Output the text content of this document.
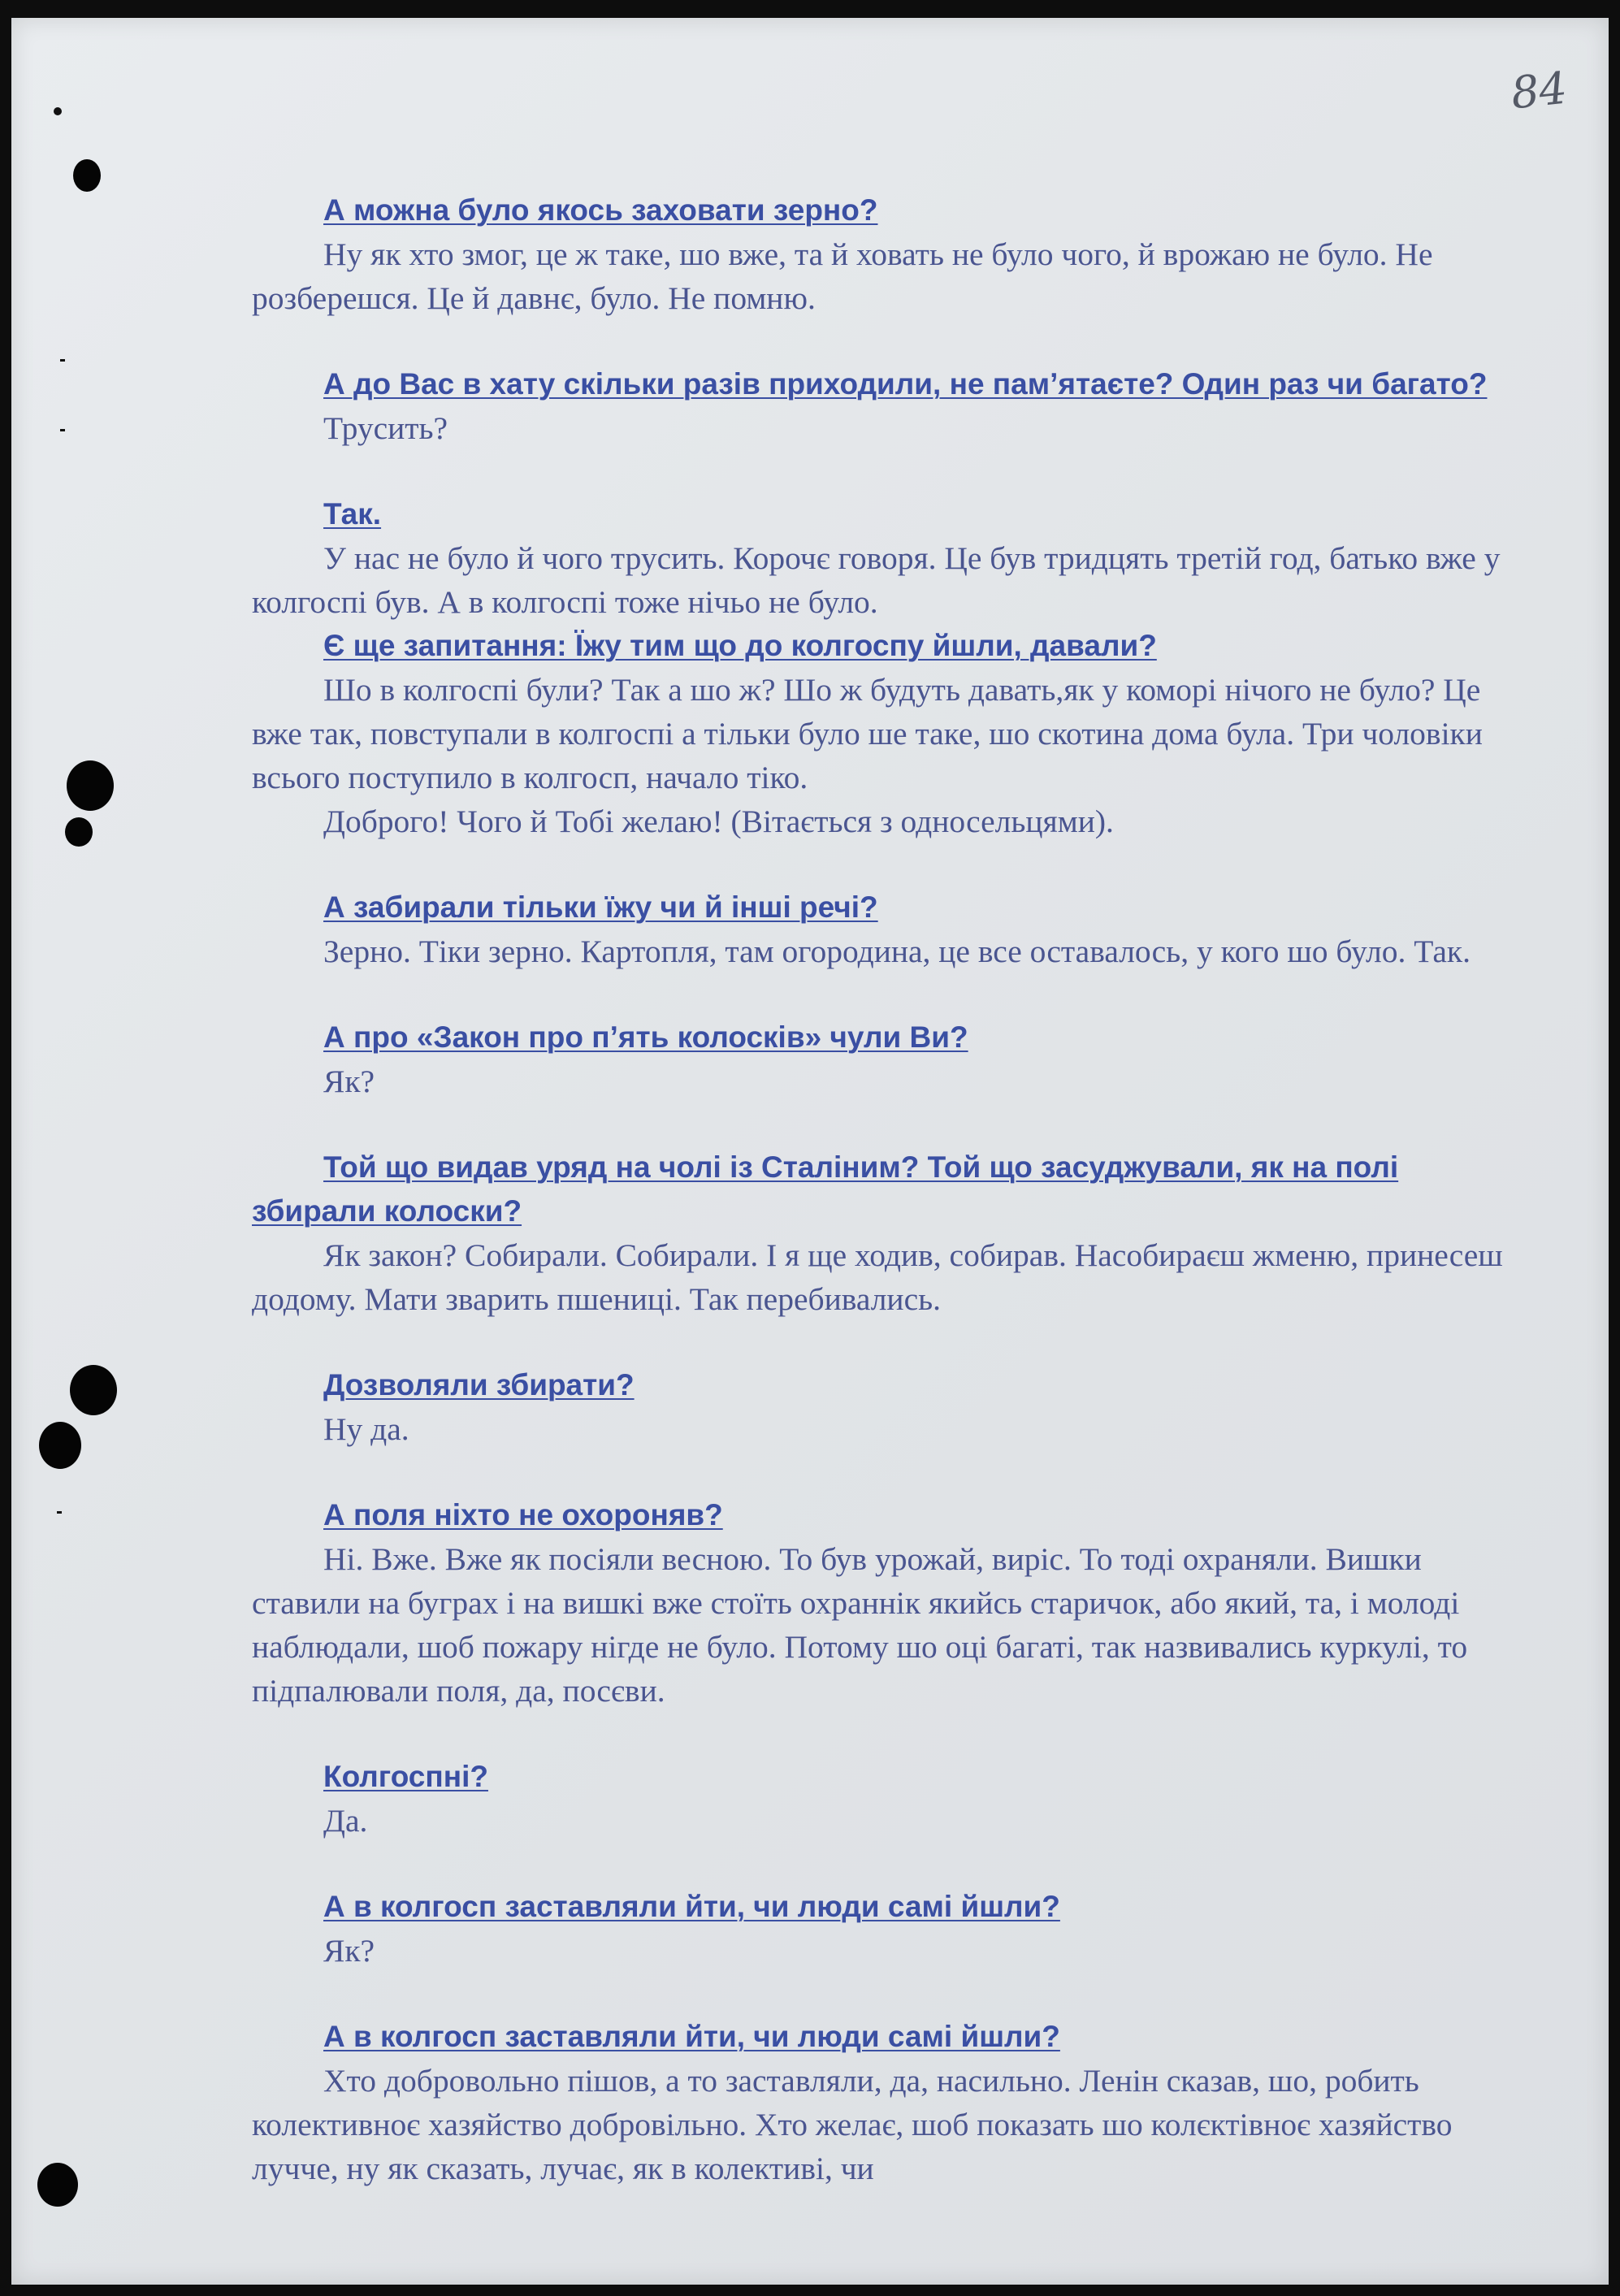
84

А можна було якось заховати зерно?

Ну як хто змог, це ж таке, шо вже, та й ховать не було чого, й врожаю не було. Не розберешся. Це й давнє, було. Не помню.

А до Вас в хату скільки разів приходили, не пам’ятаєте? Один раз чи багато?

Трусить?

Так.

У нас не було й чого трусить. Корочє говоря. Це був тридцять третій год, батько вже у колгоспі був. А в колгоспі тоже нічьо не було.

Є ще запитання: Їжу тим що до колгоспу йшли, давали?

Шо в колгоспі були? Так а шо ж? Шо ж будуть давать,як у коморі нічого не було? Це вже так, повступали в колгоспі а тільки було ше таке, шо скотина дома була. Три чоловіки всього поступило в колгосп, начало тіко.

Доброго! Чого й Тобі желаю! (Вітається з односельцями).

А забирали тільки їжу чи й інші речі?

Зерно. Тіки зерно. Картопля, там огородина, це все оставалось, у кого шо було. Так.

А про «Закон про п’ять колосків» чули Ви?

Як?

Той що видав уряд на чолі із Сталіним? Той що засуджували, як на полі збирали колоски?

Як закон? Собирали. Собирали. І я ще ходив, собирав. Насобираєш жменю, принесеш додому. Мати зварить пшениці. Так перебивались.

Дозволяли збирати?

Ну да.

А поля ніхто не охороняв?

Ні. Вже. Вже як посіяли весною. То був урожай, виріс. То тоді охраняли. Вишки ставили на буграх і на вишкі вже стоїть охраннік якийсь старичок, або який, та, і молоді наблюдали, шоб пожару нігде не було. Потому шо оці багаті, так назвивались куркулі, то підпалювали поля, да, посєви.

Колгоспні?

Да.

А в колгосп заставляли йти, чи люди самі йшли?

Як?

А в колгосп заставляли йти, чи люди самі йшли?

Хто добровольно пішов, а то заставляли, да, насильно. Ленін сказав, шо, робить колективноє хазяйство добровільно. Хто желає, шоб показать шо колєктівноє хазяйство лучче, ну як сказать, лучає, як в колективі, чи
